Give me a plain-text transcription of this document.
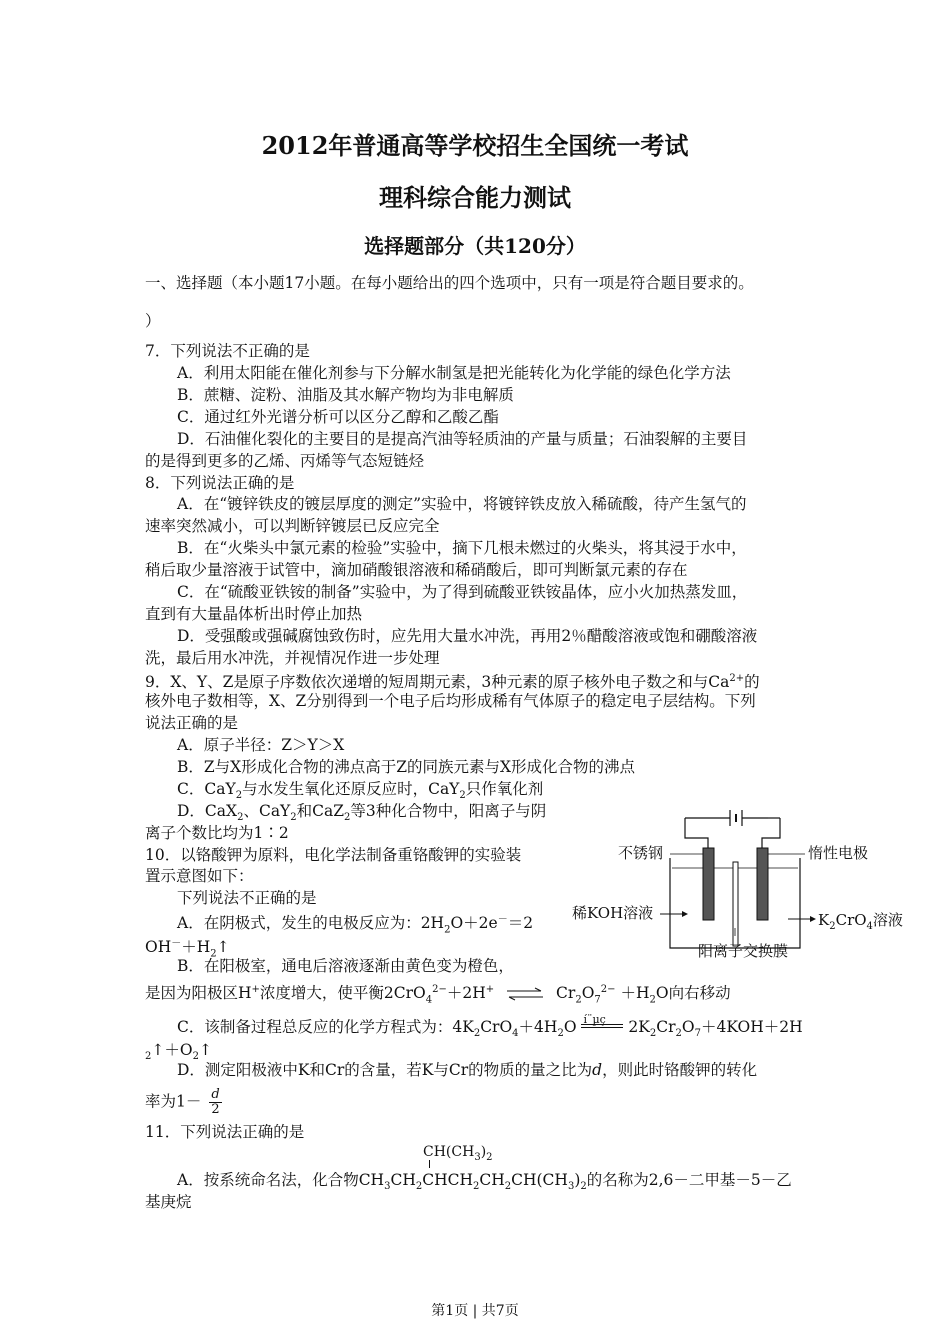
2012年普通高等学校招生全国统一考试
理科综合能力测试
选择题部分（共120分）
一、选择题（本小题17小题。在每小题给出的四个选项中，只有一项是符合题目要求的。
）
7．下列说法不正确的是
A．利用太阳能在催化剂参与下分解水制氢是把光能转化为化学能的绿色化学方法
B．蔗糖、淀粉、油脂及其水解产物均为非电解质
C．通过红外光谱分析可以区分乙醇和乙酸乙酯
D．石油催化裂化的主要目的是提高汽油等轻质油的产量与质量；石油裂解的主要目
的是得到更多的乙烯、丙烯等气态短链烃
8．下列说法正确的是
A．在“镀锌铁皮的镀层厚度的测定”实验中，将镀锌铁皮放入稀硫酸，待产生氢气的
速率突然减小，可以判断锌镀层已反应完全
B．在“火柴头中氯元素的检验”实验中，摘下几根未燃过的火柴头，将其浸于水中，
稍后取少量溶液于试管中，滴加硝酸银溶液和稀硝酸后，即可判断氯元素的存在
C．在“硫酸亚铁铵的制备”实验中，为了得到硫酸亚铁铵晶体，应小火加热蒸发皿，
直到有大量晶体析出时停止加热
D．受强酸或强碱腐蚀致伤时，应先用大量水冲洗，再用2％醋酸溶液或饱和硼酸溶液
洗，最后用水冲洗，并视情况作进一步处理
9．X、Y、Z是原子序数依次递增的短周期元素，3种元素的原子核外电子数之和与$Ca^{2+}$的
核外电子数相等，X、Z分别得到一个电子后均形成稀有气体原子的稳定电子层结构。下列
说法正确的是
A．原子半径：Z＞Y＞X
B．Z与X形成化合物的沸点高于Z的同族元素与X形成化合物的沸点
C．CaY$_2$与水发生氧化还原反应时，CaY$_2$只作氧化剂
D．CaX$_2$、CaY$_2$和CaZ$_2$等3种化合物中，阳离子与阴
离子个数比均为1∶2
10．以铬酸钾为原料，电化学法制备重铬酸钾的实验装
置示意图如下：
下列说法不正确的是
A．在阴极式，发生的电极反应为：$2H_2O+2e^-=2$
$OH^-+H_2↑$
B．在阳极室，通电后溶液逐渐由黄色变为橙色，
是因为阳极区H+浓度增大，使平衡2CrO$_4^{2-}$＋2H+ ⇌ $Cr_2O_7^{2-} +H_2O$向右移动
C．该制备过程总反应的化学方程式为：$4K_2CrO_4+4H_2O$ í¨µç $2K_2Cr_2O_7+4KOH+2H$
$_2↑+O_2↑$
D．测定阳极液中K和Cr的含量，若K与Cr的物质的量之比为d，则此时铬酸钾的转化
率为$1- \frac{d}{2}$
不锈钢	惰性电极
稀KOH溶液	$K_2CrO_4$溶液
阳离子交换膜
11．下列说法正确的是
$CH(CH_3)_2$
A．按系统命名法，化合物$CH_3CH_2CHCH_2CH_2CH(CH_3)_2$的名称为2,6－二甲基－5－乙
基庚烷
第1页 | 共7页
